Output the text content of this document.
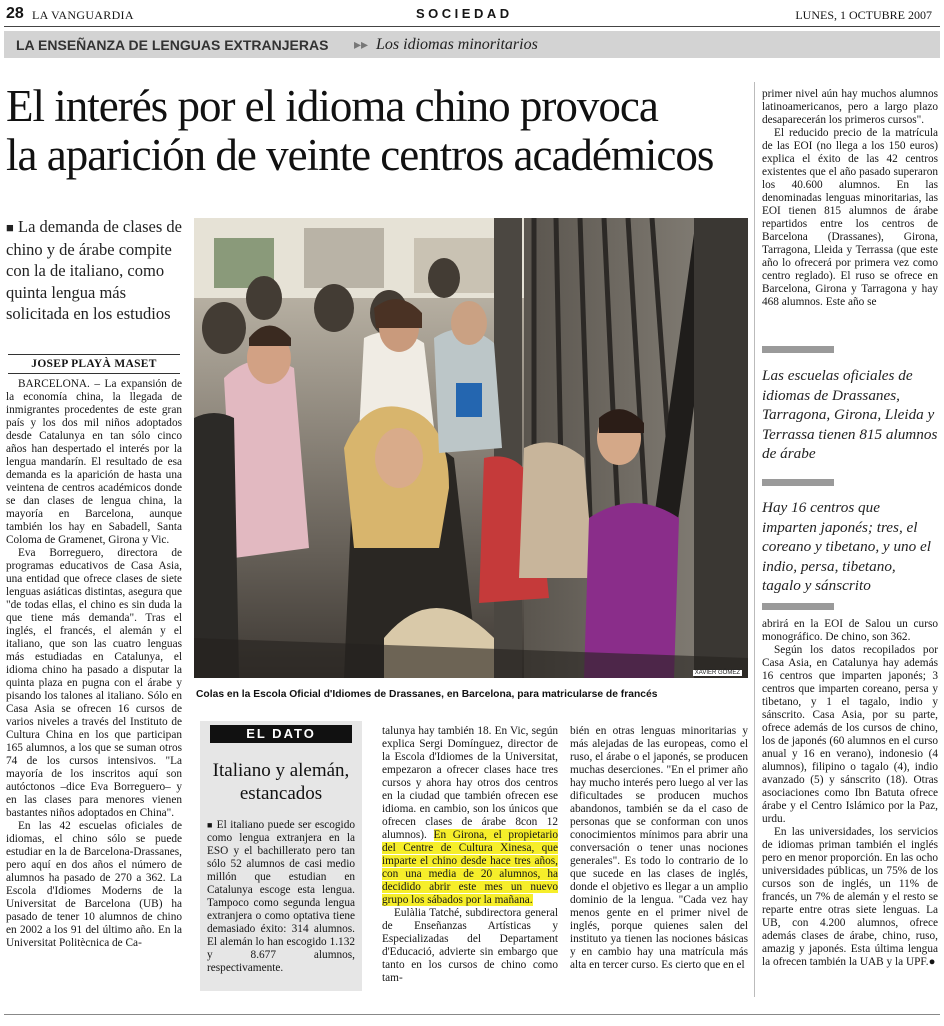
28 LA VANGUARDIA	SOCIEDAD	LUNES, 1 OCTUBRE 2007
LA ENSEÑANZA DE LENGUAS EXTRANJERAS ▸▸ Los idiomas minoritarios
El interés por el idioma chino provoca
la aparición de veinte centros académicos
■ La demanda de clases de chino y de árabe compite con la de italiano, como quinta lengua más solicitada en los estudios
JOSEP PLAYÀ MASET

BARCELONA. – La expansión de la economía china, la llegada de inmigrantes procedentes de este gran país y los dos mil niños adoptados desde Catalunya en tan sólo cinco años han despertado el interés por la lengua mandarín. El resultado de esa demanda es la aparición de hasta una veintena de centros académicos donde se dan clases de lengua china, la mayoría en Barcelona, aunque también los hay en Sabadell, Santa Coloma de Gramenet, Girona y Vic.

Eva Borreguero, directora de programas educativos de Casa Asia, una entidad que ofrece clases de siete lenguas asiáticas distintas, asegura que "de todas ellas, el chino es sin duda la que tiene más demanda". Tras el inglés, el francés, el alemán y el italiano, que son las cuatro lenguas más estudiadas en Catalunya, el idioma chino ha pasado a disputar la quinta plaza en pugna con el árabe y pisando los talones al italiano. Sólo en Casa Asia se ofrecen 16 cursos de varios niveles a través del Instituto de Cultura China en los que participan 165 alumnos, a los que se suman otros 74 de los cursos intensivos. "La mayoría de los inscritos aquí son autóctonos –dice Eva Borreguero– y en las clases para menores vienen bastantes niños adoptados en China".

En las 42 escuelas oficiales de idiomas, el chino sólo se puede estudiar en la de Barcelona-Drassanes, pero aquí en dos años el número de alumnos ha pasado de 270 a 362. La Escola d'Idiomes Moderns de la Universitat de Barcelona (UB) ha pasado de tener 10 alumnos de chino en 2002 a los 91 del último año. En la Universitat Politècnica de Ca-

XAVIER GÓMEZ
Colas en la Escola Oficial d'Idiomes de Drassanes, en Barcelona, para matricularse de francés
EL DATO
Italiano y alemán, estancados
■ El italiano puede ser escogido como lengua extranjera en la ESO y el bachillerato pero tan sólo 52 alumnos de casi medio millón que estudian en Catalunya escoge esta lengua. Tampoco como segunda lengua extranjera o como optativa tiene demasiado éxito: 314 alumnos. El alemán lo han escogido 1.132 y 8.677 alumnos, respectivamente.

talunya hay también 18. En Vic, según explica Sergi Domínguez, director de la Escola d'Idiomes de la Universitat, empezaron a ofrecer clases hace tres cursos y ahora hay otros dos centros en la ciudad que también ofrecen ese idioma. en cambio, son los únicos que ofrecen clases de árabe 8con 12 alumnos). En Girona, el propietario del Centre de Cultura Xinesa, que imparte el chino desde hace tres años, con una media de 20 alumnos, ha decidido abrir este mes un nuevo grupo los sábados por la mañana.

Eulàlia Tatché, subdirectora general de Enseñanzas Artísticas y Especializadas del Departament d'Educació, advierte sin embargo que tanto en los cursos de chino como tam-

bién en otras lenguas minoritarias y más alejadas de las europeas, como el ruso, el árabe o el japonés, se producen muchas deserciones. "En el primer año hay mucho interés pero luego al ver las dificultades se producen muchos abandonos, también se da el caso de personas que se conforman con unos conocimientos mínimos para abrir una conversación o tener unas nociones generales". Es todo lo contrario de lo que sucede en las clases de inglés, donde el objetivo es llegar a un amplio dominio de la lengua. "Cada vez hay menos gente en el primer nivel de inglés, porque quienes salen del instituto ya tienen las nociones básicas y en cambio hay una matrícula más alta en tercer curso. Es cierto que en el

primer nivel aún hay muchos alumnos latinoamericanos, pero a largo plazo desaparecerán los primeros cursos".

El reducido precio de la matrícula de las EOI (no llega a los 150 euros) explica el éxito de las 42 centros existentes que el año pasado superaron los 40.600 alumnos. En las denominadas lenguas minoritarias, las EOI tienen 815 alumnos de árabe repartidos entre los centros de Barcelona (Drassanes), Girona, Tarragona, Lleida y Terrassa (que este año lo ofrecerá por primera vez como centro reglado). El ruso se ofrece en Barcelona, Girona y Tarragona y hay 468 alumnos. Este año se

Las escuelas oficiales de idiomas de Drassanes, Tarragona, Girona, Lleida y Terrassa tienen 815 alumnos de árabe
Hay 16 centros que imparten japonés; tres, el coreano y tibetano, y uno el indio, persa, tibetano, tagalo y sánscrito

abrirá en la EOI de Salou un curso monográfico. De chino, son 362.

Según los datos recopilados por Casa Asia, en Catalunya hay además 16 centros que imparten japonés; 3 centros que imparten coreano, persa y tibetano, y 1 el tagalo, indio y sánscrito. Casa Asia, por su parte, ofrece además de los cursos de chino, los de japonés (60 alumnos en el curso anual y 16 en verano), indonesio (4 alumnos), filipino o tagalo (4), indio avanzado (5) y sánscrito (18). Otras asociaciones como Ibn Batuta ofrece árabe y el Centro Islámico por la Paz, urdu.

En las universidades, los servicios de idiomas priman también el inglés pero en menor proporción. En las ocho universidades públicas, un 75% de los cursos son de inglés, un 11% de francés, un 7% de alemán y el resto se reparte entre otras siete lenguas. La UB, con 4.200 alumnos, ofrece además clases de árabe, chino, ruso, amazig y japonés. Esta última lengua la ofrecen también la UAB y la UPF.●
